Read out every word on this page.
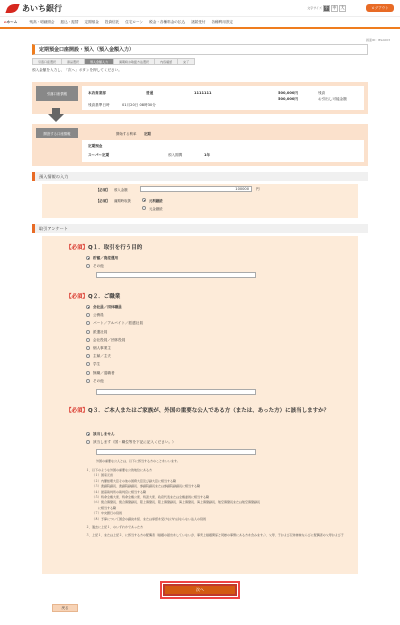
あいち銀行	文字サイズ 小	中	大	ログアウト
⌂ホーム	残高・明細照会 振込・振替 定期預金 投資信託 住宅ローン 税金・各種料金の払込 諸届受付 各種利用設定
画面ID：BSA003
定期預金口座開設・預入（預入金額入力）
引落口座選択	商品選択	預入金額入力	満期時お取扱方法選択	内容確認	完了
預入金額を入力し、「次へ」ボタンを押してください。
引落口座情報	本店営業部	普通	1111111	500,000円	残高
500,000円	お引出し可能金額
残高基準日時	01月20日 08時30分
開設する口座情報	開始する利率 定期
定期預金
スーパー定期	預入期間	1年
預入情報の入力
【必須】 預入金額	100000	円
【必須】 満期時取扱	元利継続
元金継続
取引アンケート
【必須】Q１．取引を行う目的
貯蓄／資産運用
その他
【必須】Q２．ご職業
【必須】Q３．ご本人またはご家族が、外国の重要な公人である方（または、あった方）に該当しますか？
該当しません
該当します（国・職位等を下記に記入ください。）
外国の重要な公人とは、以下に該当する方のことをいいます。
１．以下のような外国の重要な公的地位にある方
（１）国家元首
（２）内閣総理大臣その他の国務大臣及び副大臣に相当する職
（３）衆議院議長、衆議院副議長、参議院議長または参議院副議長に相当する職
（４）最高裁判所の裁判官に相当する職
（５）特命全権大使、特命全権公使、特派大使、政府代表または全権委員に相当する職
（６）統合幕僚長、統合幕僚副長、陸上幕僚長、陸上幕僚副長、海上幕僚長、海上幕僚副長、航空幕僚長または航空幕僚副長
　　に相当する職
（７）中央銀行の役員
（８）予算について国会の議決を経、または承認を受けなければならない法人の役員
２．過去に上記１．のいずれかであった方
３．上記１．または上記２．に該当する方の配偶者（婚姻の届出をしていないが、事実上婚姻関係と同様の事情にある方を含みます。）、父母、子および兄弟姉妹ならびに配偶者の父母および子
次へ
戻る
会社員／団体職員
公務員
パート／アルバイト／派遣社員
派遣社員
会社役員／団体役員
個人事業主
主婦／主夫
学生
無職／退職者
その他
